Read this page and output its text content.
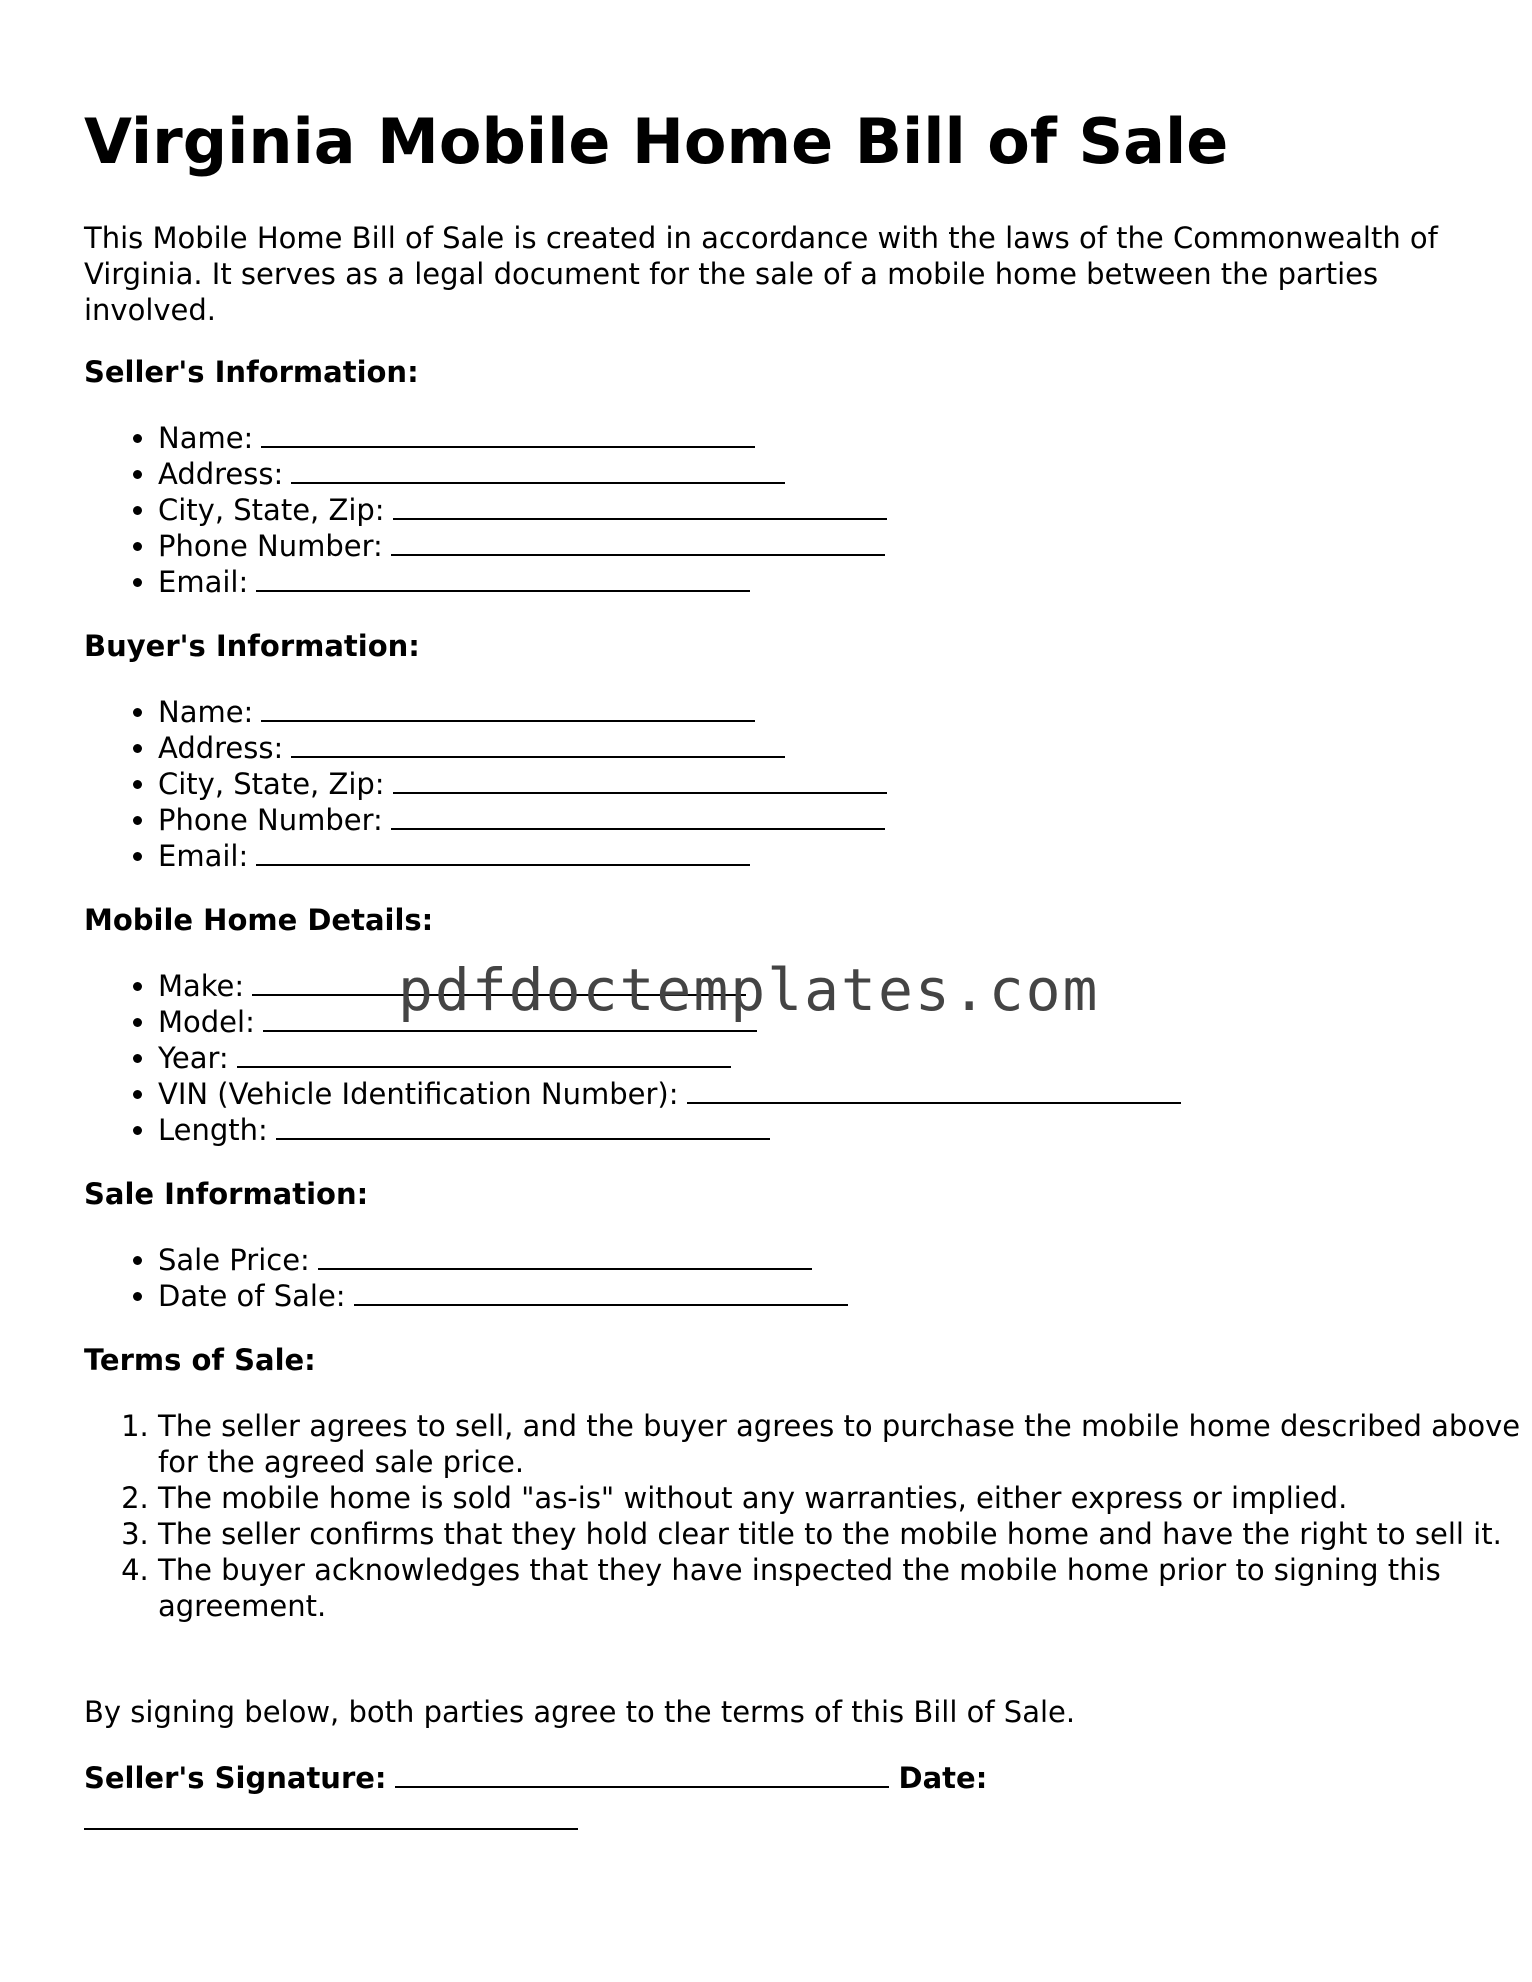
Virginia Mobile Home Bill of Sale

This Mobile Home Bill of Sale is created in accordance with the laws of the Commonwealth of Virginia. It serves as a legal document for the sale of a mobile home between the parties involved.

Seller's Information:
• Name:
• Address:
• City, State, Zip:
• Phone Number:
• Email:
Buyer's Information:
• Name:
• Address:
• City, State, Zip:
• Phone Number:
• Email:
Mobile Home Details:
• Make:
• Model:
• Year:
• VIN (Vehicle Identification Number):
• Length:
Sale Information:
• Sale Price:
• Date of Sale:
Terms of Sale:
1. The seller agrees to sell, and the buyer agrees to purchase the mobile home described above for the agreed sale price.
2. The mobile home is sold "as-is" without any warranties, either express or implied.
3. The seller confirms that they hold clear title to the mobile home and have the right to sell it.
4. The buyer acknowledges that they have inspected the mobile home prior to signing this agreement.

By signing below, both parties agree to the terms of this Bill of Sale.

Seller's Signature:	Date:
pdfdoctemplates.com
